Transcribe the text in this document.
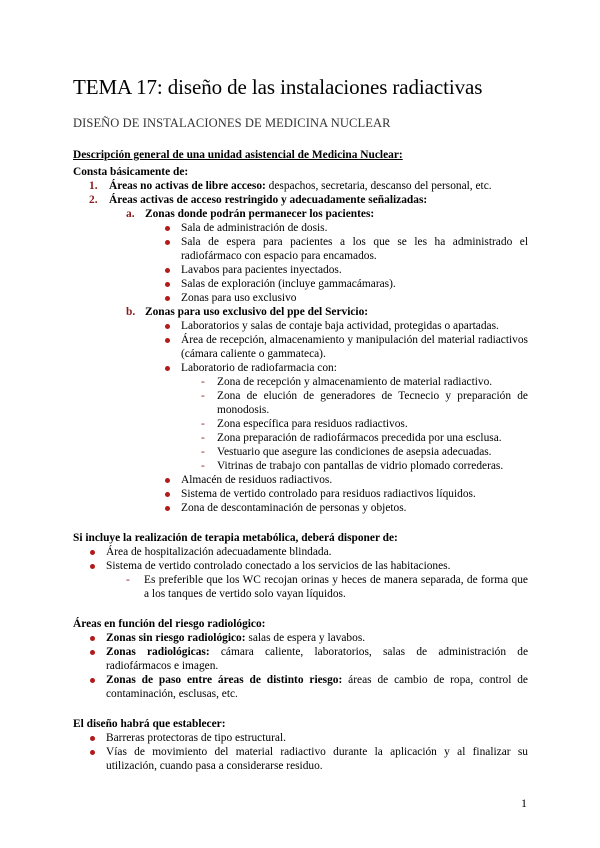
TEMA 17: diseño de las instalaciones radiactivas
DISEÑO DE INSTALACIONES DE MEDICINA NUCLEAR
Descripción general de una unidad asistencial de Medicina Nuclear:
Consta básicamente de:
1. Áreas no activas de libre acceso: despachos, secretaria, descanso del personal, etc.
2. Áreas activas de acceso restringido y adecuadamente señalizadas:
a. Zonas donde podrán permanecer los pacientes:
Sala de administración de dosis.
Sala de espera para pacientes a los que se les ha administrado el radiofármaco con espacio para encamados.
Lavabos para pacientes inyectados.
Salas de exploración (incluye gammacámaras).
Zonas para uso exclusivo
b. Zonas para uso exclusivo del ppe del Servicio:
Laboratorios y salas de contaje baja actividad, protegidas o apartadas.
Área de recepción, almacenamiento y manipulación del material radiactivos (cámara caliente o gammateca).
Laboratorio de radiofarmacia con:
- Zona de recepción y almacenamiento de material radiactivo.
- Zona de elución de generadores de Tecnecio y preparación de monodosis.
- Zona específica para residuos radiactivos.
- Zona preparación de radiofármacos precedida por una esclusa.
- Vestuario que asegure las condiciones de asepsia adecuadas.
- Vitrinas de trabajo con pantallas de vidrio plomado correderas.
Almacén de residuos radiactivos.
Sistema de vertido controlado para residuos radiactivos líquidos.
Zona de descontaminación de personas y objetos.
Si incluye la realización de terapia metabólica, deberá disponer de:
Área de hospitalización adecuadamente blindada.
Sistema de vertido controlado conectado a los servicios de las habitaciones.
- Es preferible que los WC recojan orinas y heces de manera separada, de forma que a los tanques de vertido solo vayan líquidos.
Áreas en función del riesgo radiológico:
Zonas sin riesgo radiológico: salas de espera y lavabos.
Zonas radiológicas: cámara caliente, laboratorios, salas de administración de radiofármacos e imagen.
Zonas de paso entre áreas de distinto riesgo: áreas de cambio de ropa, control de contaminación, esclusas, etc.
El diseño habrá que establecer:
Barreras protectoras de tipo estructural.
Vías de movimiento del material radiactivo durante la aplicación y al finalizar su utilización, cuando pasa a considerarse residuo.
1
